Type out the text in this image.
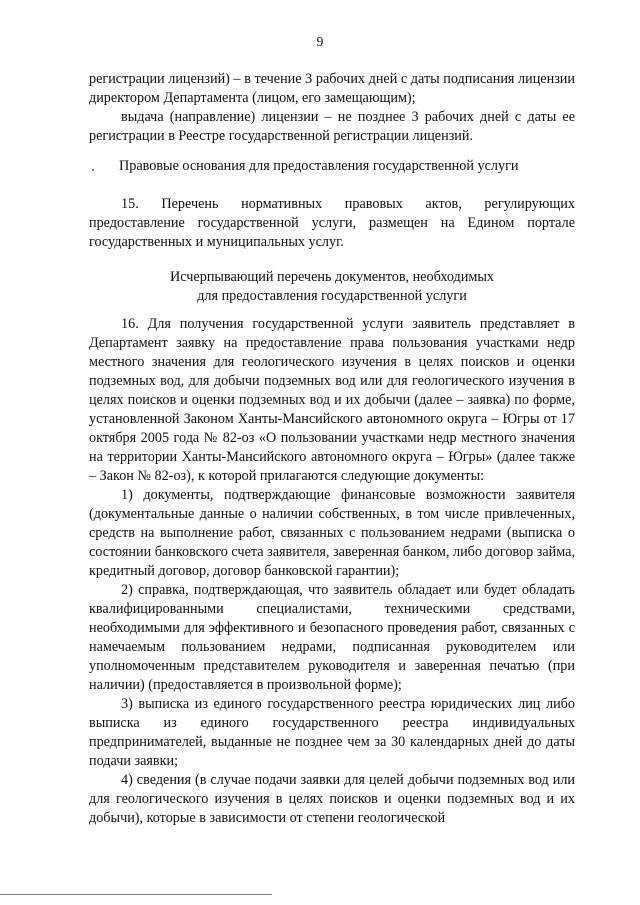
9

регистрации лицензий) – в течение 3 рабочих дней с даты подписания лицензии директором Департамента (лицом, его замещающим);

выдача (направление) лицензии – не позднее 3 рабочих дней с даты ее регистрации в Реестре государственной регистрации лицензий.

Правовые основания для предоставления государственной услуги

15. Перечень нормативных правовых актов, регулирующих предоставление государственной услуги, размещен на Едином портале государственных и муниципальных услуг.

Исчерпывающий перечень документов, необходимых

для предоставления государственной услуги

16. Для получения государственной услуги заявитель представляет в Департамент заявку на предоставление права пользования участками недр местного значения для геологического изучения в целях поисков и оценки подземных вод, для добычи подземных вод или для геологического изучения в целях поисков и оценки подземных вод и их добычи (далее – заявка) по форме, установленной Законом Ханты-Мансийского автономного округа – Югры от 17 октября 2005 года № 82-оз «О пользовании участками недр местного значения на территории Ханты-Мансийского автономного округа – Югры» (далее также – Закон № 82-оз), к которой прилагаются следующие документы:

1) документы, подтверждающие финансовые возможности заявителя (документальные данные о наличии собственных, в том числе привлеченных, средств на выполнение работ, связанных с пользованием недрами (выписка о состоянии банковского счета заявителя, заверенная банком, либо договор займа, кредитный договор, договор банковской гарантии);

2) справка, подтверждающая, что заявитель обладает или будет обладать квалифицированными специалистами, техническими средствами, необходимыми для эффективного и безопасного проведения работ, связанных с намечаемым пользованием недрами, подписанная руководителем или уполномоченным представителем руководителя и заверенная печатью (при наличии) (предоставляется в произвольной форме);

3) выписка из единого государственного реестра юридических лиц либо выписка из единого государственного реестра индивидуальных предпринимателей, выданные не позднее чем за 30 календарных дней до даты подачи заявки;

4) сведения (в случае подачи заявки для целей добычи подземных вод или для геологического изучения в целях поисков и оценки подземных вод и их добычи), которые в зависимости от степени геологической
